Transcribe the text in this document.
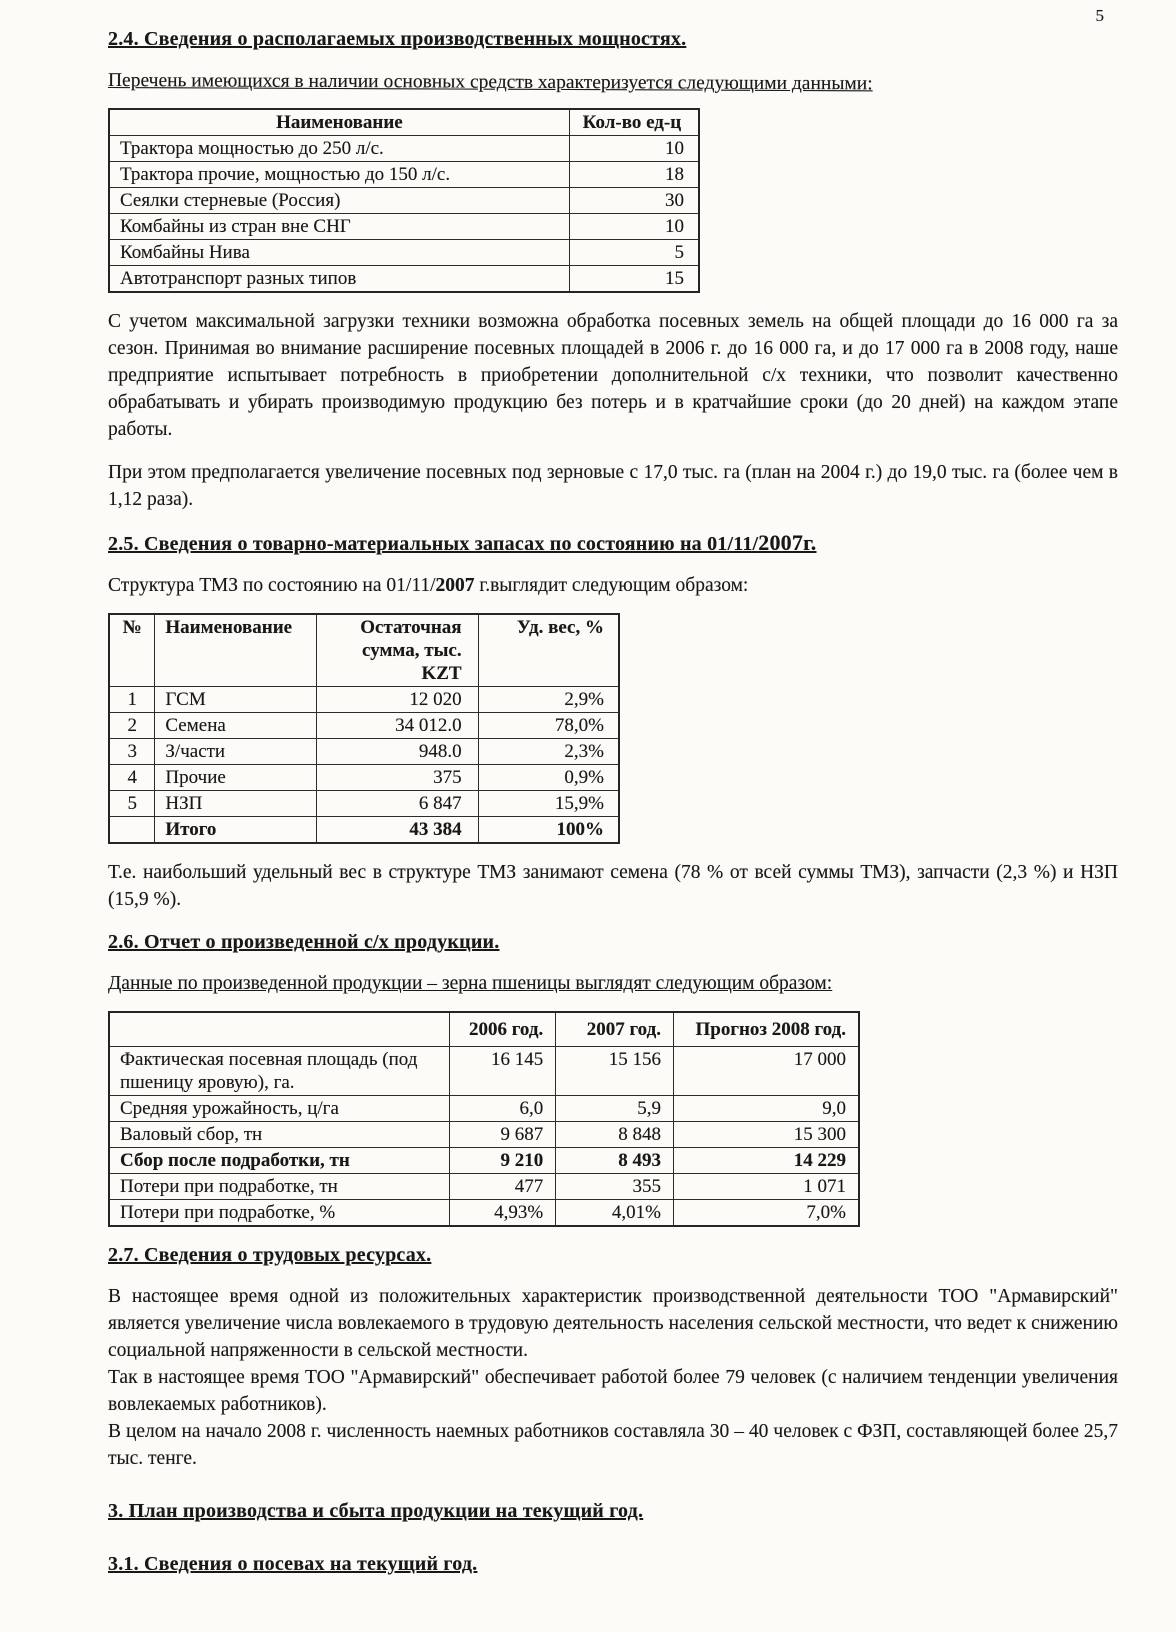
5
2.4. Сведения о располагаемых производственных мощностях.

Перечень имеющихся в наличии основных средств характеризуется следующими данными:

Наименование	Кол-во ед-ц
Трактора мощностью до 250 л/с.	10
Трактора прочие, мощностью до 150 л/с.	18
Сеялки стерневые (Россия)	30
Комбайны из стран вне СНГ	10
Комбайны Нива	5
Автотранспорт разных типов	15

С учетом максимальной загрузки техники возможна обработка посевных земель на общей площади до 16 000 га за сезон. Принимая во внимание расширение посевных площадей в 2006 г. до 16 000 га, и до 17 000 га в 2008 году, наше предприятие испытывает потребность в приобретении дополнительной с/х техники, что позволит качественно обрабатывать и убирать производимую продукцию без потерь и в кратчайшие сроки (до 20 дней) на каждом этапе работы.

При этом предполагается увеличение посевных под зерновые с 17,0 тыс. га (план на 2004 г.) до 19,0 тыс. га (более чем в 1,12 раза).

2.5. Сведения о товарно-материальных запасах по состоянию на 01/11/2007г.

Структура ТМЗ по состоянию на 01/11/2007 г.выглядит следующим образом:

№	Наименование	Остаточная сумма, тыс. KZT	Уд. вес, %
1	ГСМ	12 020	2,9%
2	Семена	34 012.0	78,0%
3	З/части	948.0	2,3%
4	Прочие	375	0,9%
5	НЗП	6 847	15,9%
	Итого	43 384	100%

Т.е. наибольший удельный вес в структуре ТМЗ занимают семена (78 % от всей суммы ТМЗ), запчасти (2,3 %) и НЗП (15,9 %).

2.6. Отчет о произведенной с/х продукции.

Данные по произведенной продукции – зерна пшеницы выглядят следующим образом:

	2006 год.	2007 год.	Прогноз 2008 год.
Фактическая посевная площадь (под пшеницу яровую), га.	16 145	15 156	17 000
Средняя урожайность, ц/га	6,0	5,9	9,0
Валовый сбор, тн	9 687	8 848	15 300
Сбор после подработки, тн	9 210	8 493	14 229
Потери при подработке, тн	477	355	1 071
Потери при подработке, %	4,93%	4,01%	7,0%
2.7. Сведения о трудовых ресурсах.

В настоящее время одной из положительных характеристик производственной деятельности ТОО "Армавирский" является увеличение числа вовлекаемого в трудовую деятельность населения сельской местности, что ведет к снижению социальной напряженности в сельской местности.

Так в настоящее время ТОО "Армавирский" обеспечивает работой более 79 человек (с наличием тенденции увеличения вовлекаемых работников).

В целом на начало 2008 г. численность наемных работников составляла 30 – 40 человек с ФЗП, составляющей более 25,7 тыс. тенге.

3. План производства и сбыта продукции на текущий год.
3.1. Сведения о посевах на текущий год.
